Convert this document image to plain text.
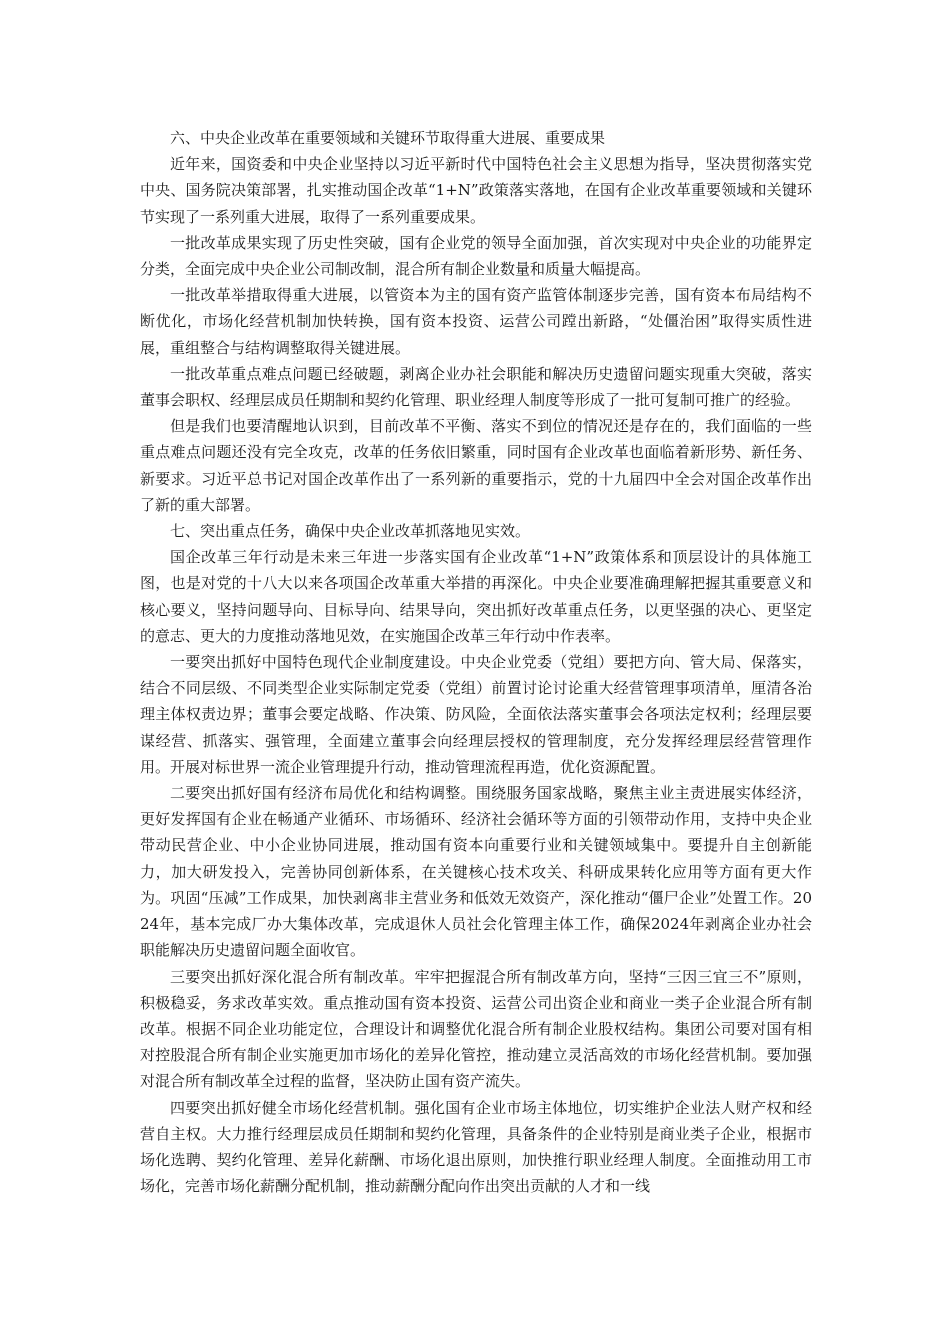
六、中央企业改革在重要领域和关键环节取得重大进展、重要成果

近年来，国资委和中央企业坚持以习近平新时代中国特色社会主义思想为指导，坚决贯彻落实党中央、国务院决策部署，扎实推动国企改革“1+N”政策落实落地，在国有企业改革重要领域和关键环节实现了一系列重大进展，取得了一系列重要成果。

一批改革成果实现了历史性突破，国有企业党的领导全面加强，首次实现对中央企业的功能界定分类，全面完成中央企业公司制改制，混合所有制企业数量和质量大幅提高。

一批改革举措取得重大进展，以管资本为主的国有资产监管体制逐步完善，国有资本布局结构不断优化，市场化经营机制加快转换，国有资本投资、运营公司蹚出新路，“处僵治困”取得实质性进展，重组整合与结构调整取得关键进展。

一批改革重点难点问题已经破题，剥离企业办社会职能和解决历史遗留问题实现重大突破，落实董事会职权、经理层成员任期制和契约化管理、职业经理人制度等形成了一批可复制可推广的经验。

但是我们也要清醒地认识到，目前改革不平衡、落实不到位的情况还是存在的，我们面临的一些重点难点问题还没有完全攻克，改革的任务依旧繁重，同时国有企业改革也面临着新形势、新任务、新要求。习近平总书记对国企改革作出了一系列新的重要指示，党的十九届四中全会对国企改革作出了新的重大部署。

七、突出重点任务，确保中央企业改革抓落地见实效。

国企改革三年行动是未来三年进一步落实国有企业改革“1+N”政策体系和顶层设计的具体施工图，也是对党的十八大以来各项国企改革重大举措的再深化。中央企业要准确理解把握其重要意义和核心要义，坚持问题导向、目标导向、结果导向，突出抓好改革重点任务，以更坚强的决心、更坚定的意志、更大的力度推动落地见效，在实施国企改革三年行动中作表率。

一要突出抓好中国特色现代企业制度建设。中央企业党委（党组）要把方向、管大局、保落实，结合不同层级、不同类型企业实际制定党委（党组）前置讨论讨论重大经营管理事项清单，厘清各治理主体权责边界；董事会要定战略、作决策、防风险，全面依法落实董事会各项法定权利；经理层要谋经营、抓落实、强管理，全面建立董事会向经理层授权的管理制度，充分发挥经理层经营管理作用。开展对标世界一流企业管理提升行动，推动管理流程再造，优化资源配置。

二要突出抓好国有经济布局优化和结构调整。围绕服务国家战略，聚焦主业主责进展实体经济，更好发挥国有企业在畅通产业循环、市场循环、经济社会循环等方面的引领带动作用，支持中央企业带动民营企业、中小企业协同进展，推动国有资本向重要行业和关键领域集中。要提升自主创新能力，加大研发投入，完善协同创新体系，在关键核心技术攻关、科研成果转化应用等方面有更大作为。巩固“压减”工作成果，加快剥离非主营业务和低效无效资产，深化推动“僵尸企业”处置工作。2024年，基本完成厂办大集体改革，完成退休人员社会化管理主体工作，确保2024年剥离企业办社会职能解决历史遗留问题全面收官。

三要突出抓好深化混合所有制改革。牢牢把握混合所有制改革方向，坚持“三因三宜三不”原则，积极稳妥，务求改革实效。重点推动国有资本投资、运营公司出资企业和商业一类子企业混合所有制改革。根据不同企业功能定位，合理设计和调整优化混合所有制企业股权结构。集团公司要对国有相对控股混合所有制企业实施更加市场化的差异化管控，推动建立灵活高效的市场化经营机制。要加强对混合所有制改革全过程的监督，坚决防止国有资产流失。

四要突出抓好健全市场化经营机制。强化国有企业市场主体地位，切实维护企业法人财产权和经营自主权。大力推行经理层成员任期制和契约化管理，具备条件的企业特别是商业类子企业，根据市场化选聘、契约化管理、差异化薪酬、市场化退出原则，加快推行职业经理人制度。全面推动用工市场化，完善市场化薪酬分配机制，推动薪酬分配向作出突出贡献的人才和一线
